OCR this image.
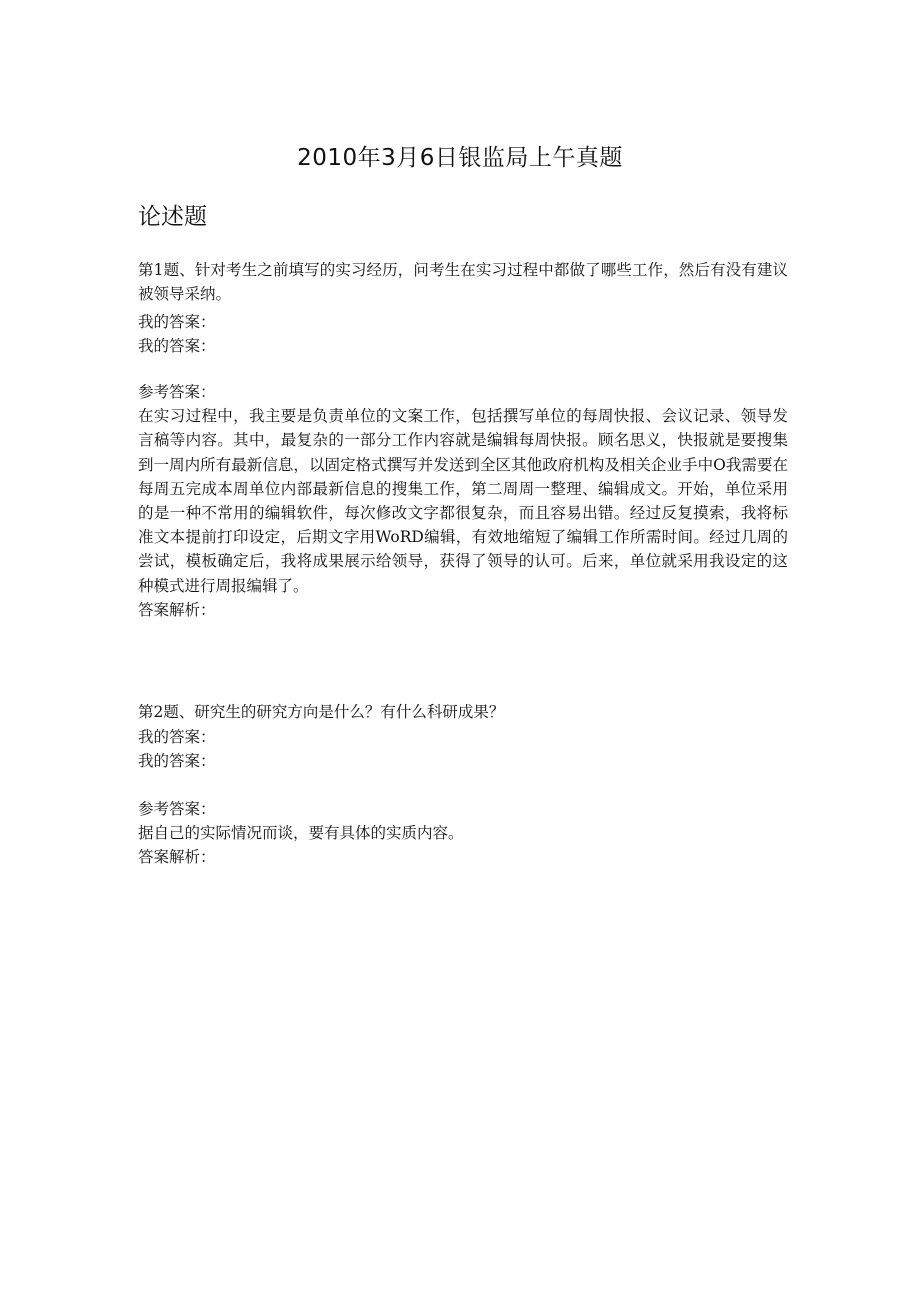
2010年3月6日银监局上午真题
论述题

第1题、针对考生之前填写的实习经历，问考生在实习过程中都做了哪些工作，然后有没有建议被领导采纳。

我的答案：

我的答案：

参考答案：

在实习过程中，我主要是负责单位的文案工作，包括撰写单位的每周快报、会议记录、领导发言稿等内容。其中，最复杂的一部分工作内容就是编辑每周快报。顾名思义，快报就是要搜集到一周内所有最新信息，以固定格式撰写并发送到全区其他政府机构及相关企业手中O我需要在每周五完成本周单位内部最新信息的搜集工作，第二周周一整理、编辑成文。开始，单位采用的是一种不常用的编辑软件，每次修改文字都很复杂，而且容易出错。经过反复摸索，我将标准文本提前打印设定，后期文字用WoRD编辑，有效地缩短了编辑工作所需时间。经过几周的尝试，模板确定后，我将成果展示给领导，获得了领导的认可。后来，单位就采用我设定的这种模式进行周报编辑了。

答案解析：

第2题、研究生的研究方向是什么？有什么科研成果？

我的答案：

我的答案：

参考答案：

据自己的实际情况而谈，要有具体的实质内容。

答案解析：
